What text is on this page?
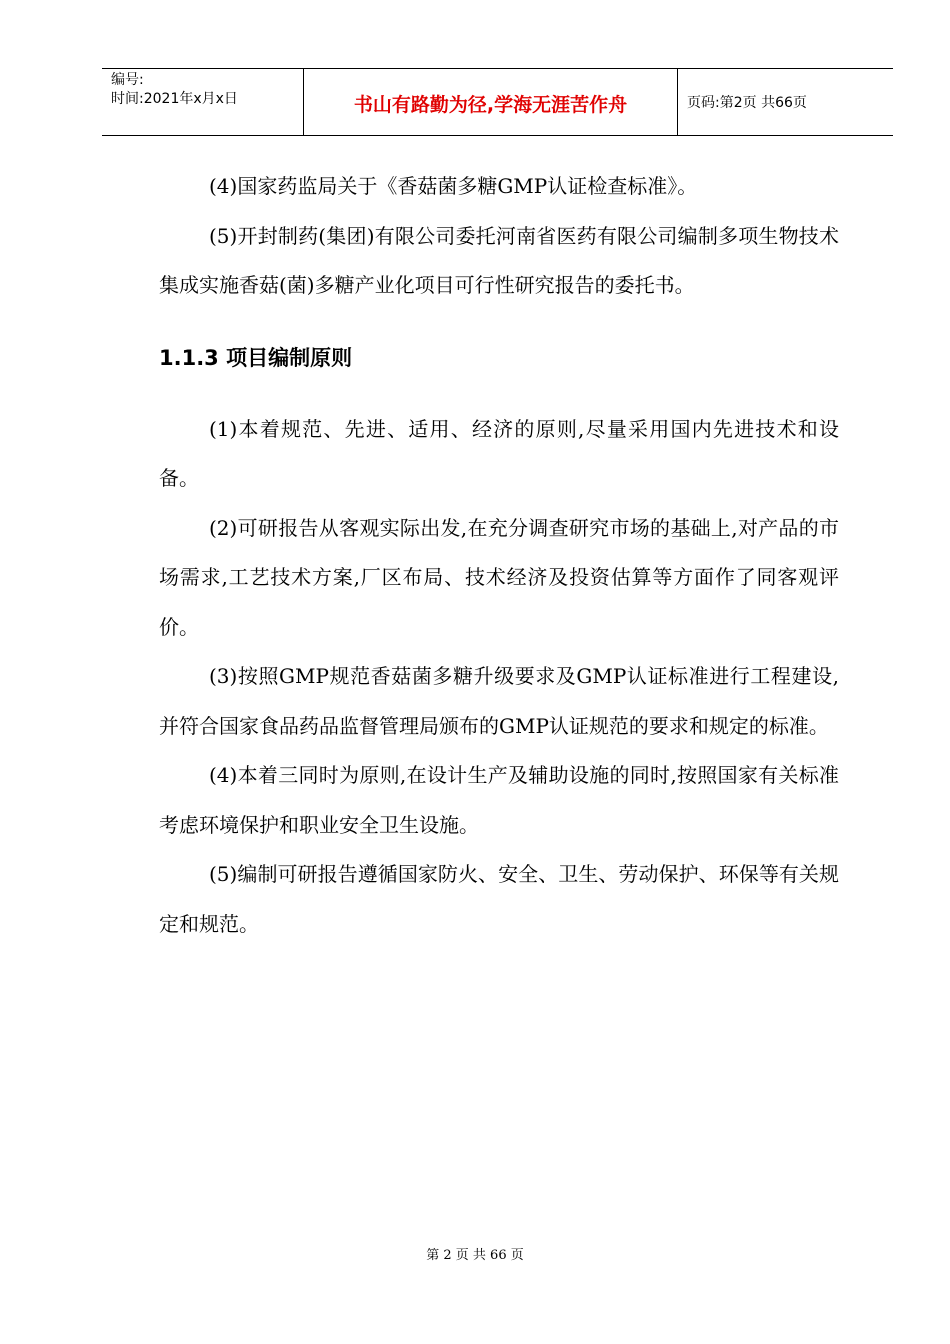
编号:
时间:2021年x月x日	书山有路勤为径,学海无涯苦作舟	页码:第2页 共66页

(4)国家药监局关于《香菇菌多糖GMP认证检查标准》。

(5)开封制药(集团)有限公司委托河南省医药有限公司编制多项生物技术集成实施香菇(菌)多糖产业化项目可行性研究报告的委托书。

1.1.3 项目编制原则

(1)本着规范、先进、适用、经济的原则,尽量采用国内先进技术和设备。

(2)可研报告从客观实际出发,在充分调查研究市场的基础上,对产品的市场需求,工艺技术方案,厂区布局、技术经济及投资估算等方面作了同客观评价。

(3)按照GMP规范香菇菌多糖升级要求及GMP认证标准进行工程建设,并符合国家食品药品监督管理局颁布的GMP认证规范的要求和规定的标准。

(4)本着三同时为原则,在设计生产及辅助设施的同时,按照国家有关标准考虑环境保护和职业安全卫生设施。

(5)编制可研报告遵循国家防火、安全、卫生、劳动保护、环保等有关规定和规范。

第 2 页 共 66 页
